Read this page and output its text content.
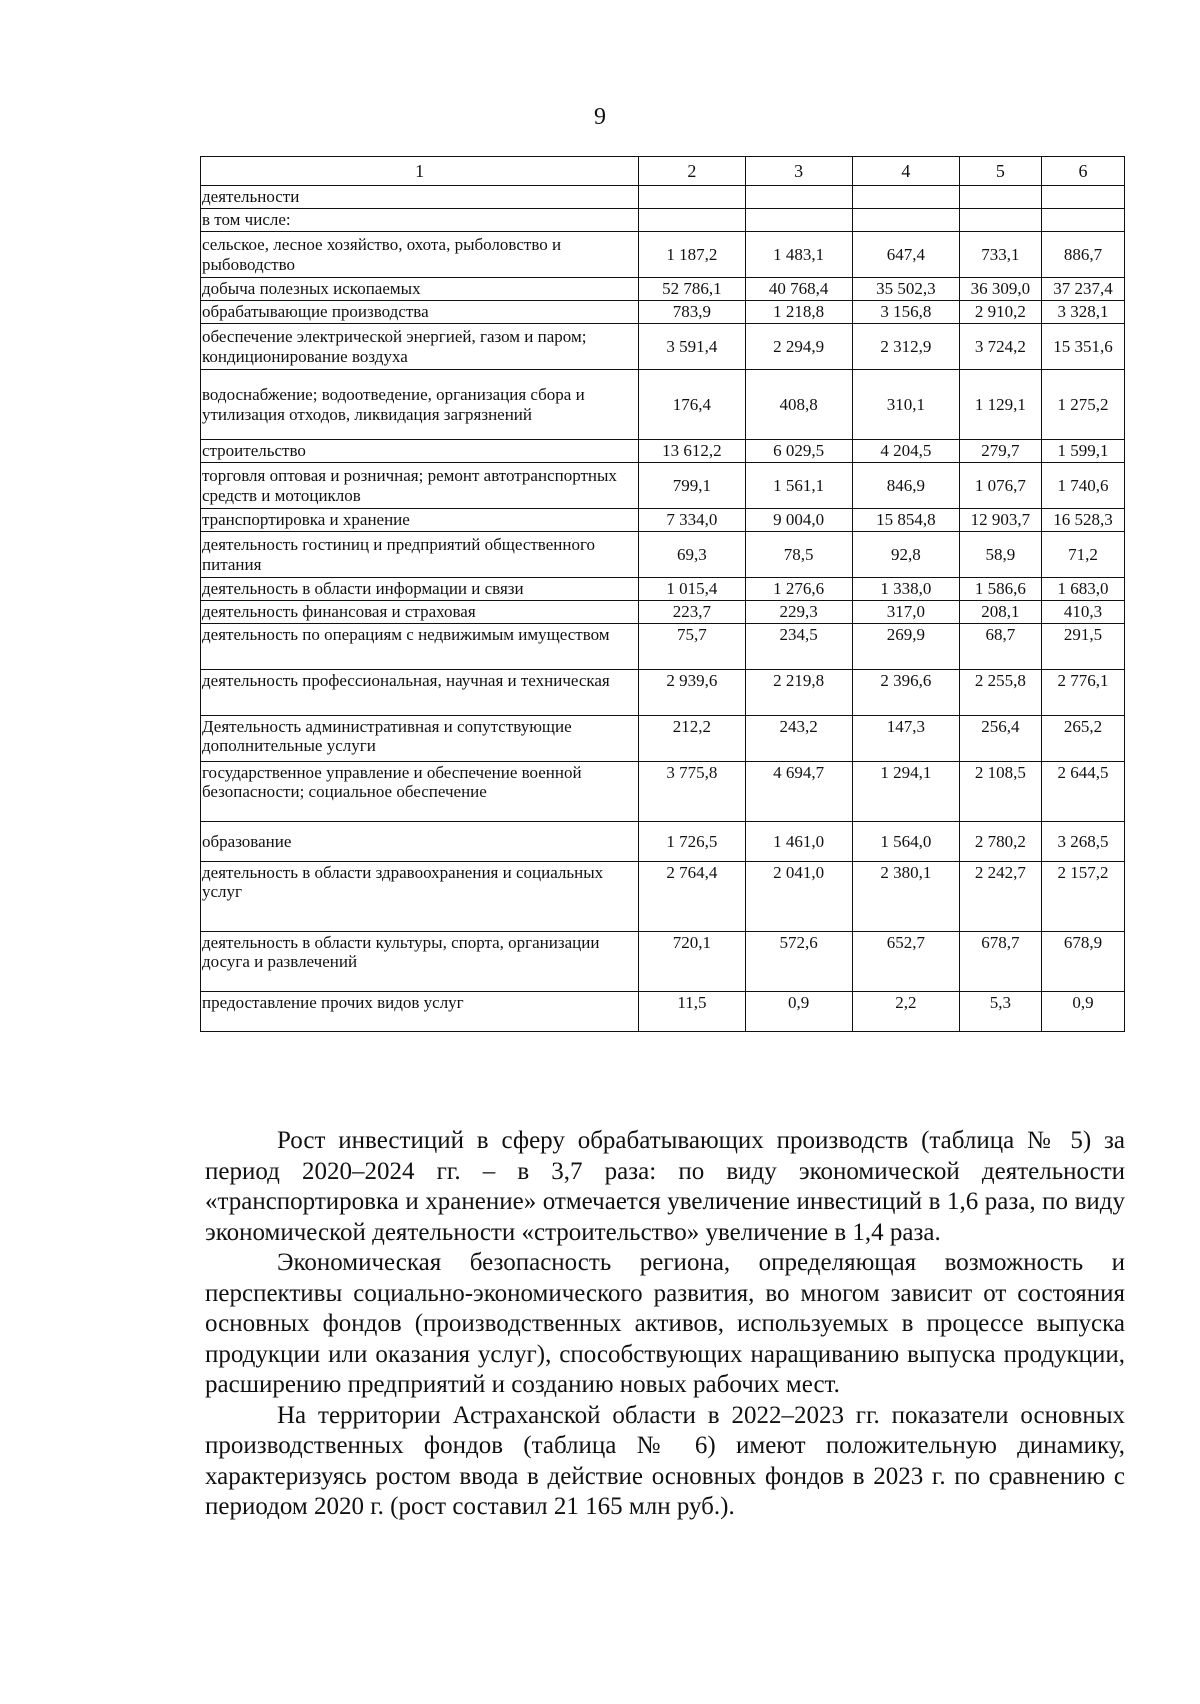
9
1	2	3	4	5	6
деятельности					
в том числе:					
сельское, лесное хозяйство, охота, рыболовство и рыбоводство	1 187,2	1 483,1	647,4	733,1	886,7
добыча полезных ископаемых	52 786,1	40 768,4	35 502,3	36 309,0	37 237,4
обрабатывающие производства	783,9	1 218,8	3 156,8	2 910,2	3 328,1
обеспечение электрической энергией, газом и паром; кондиционирование воздуха	3 591,4	2 294,9	2 312,9	3 724,2	15 351,6
водоснабжение; водоотведение, организация сбора и утилизация отходов, ликвидация загрязнений	176,4	408,8	310,1	1 129,1	1 275,2
строительство	13 612,2	6 029,5	4 204,5	279,7	1 599,1
торговля оптовая и розничная; ремонт автотранспортных средств и мотоциклов	799,1	1 561,1	846,9	1 076,7	1 740,6
транспортировка и хранение	7 334,0	9 004,0	15 854,8	12 903,7	16 528,3
деятельность гостиниц и предприятий общественного питания	69,3	78,5	92,8	58,9	71,2
деятельность в области информации и связи	1 015,4	1 276,6	1 338,0	1 586,6	1 683,0
деятельность финансовая и страховая	223,7	229,3	317,0	208,1	410,3
деятельность по операциям с недвижимым имуществом	75,7	234,5	269,9	68,7	291,5
деятельность профессиональная, научная и техническая	2 939,6	2 219,8	2 396,6	2 255,8	2 776,1
Деятельность административная и сопутствующие дополнительные услуги	212,2	243,2	147,3	256,4	265,2
государственное управление и обеспечение военной безопасности; социальное обеспечение	3 775,8	4 694,7	1 294,1	2 108,5	2 644,5
образование	1 726,5	1 461,0	1 564,0	2 780,2	3 268,5
деятельность в области здравоохранения и социальных услуг	2 764,4	2 041,0	2 380,1	2 242,7	2 157,2
деятельность в области культуры, спорта, организации досуга и развлечений	720,1	572,6	652,7	678,7	678,9
предоставление прочих видов услуг	11,5	0,9	2,2	5,3	0,9

Рост инвестиций в сферу обрабатывающих производств (таблица № 5) за период 2020–2024 гг. – в 3,7 раза: по виду экономической деятельности «транспортировка и хранение» отмечается увеличение инвестиций в 1,6 раза, по виду экономической деятельности «строительство» увеличение в 1,4 раза.

Экономическая безопасность региона, определяющая возможность и перспективы социально-экономического развития, во многом зависит от состояния основных фондов (производственных активов, используемых в процессе выпуска продукции или оказания услуг), способствующих наращиванию выпуска продукции, расширению предприятий и созданию новых рабочих мест.

На территории Астраханской области в 2022–2023 гг. показатели основных производственных фондов (таблица № 6) имеют положительную динамику, характеризуясь ростом ввода в действие основных фондов в 2023 г. по сравнению с периодом 2020 г. (рост составил 21 165 млн руб.).
